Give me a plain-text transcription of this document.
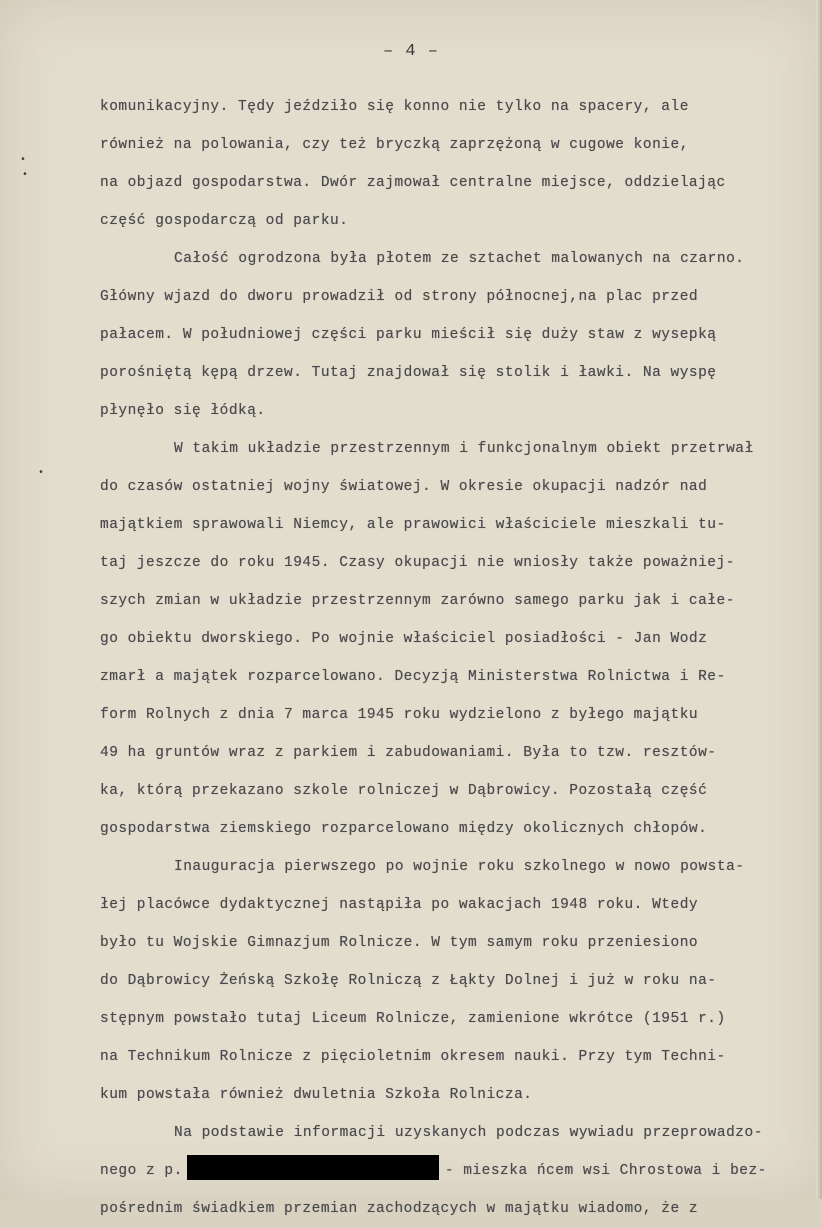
•
•
•
– 4 –
komunikacyjny. Tędy jeździło się konno nie tylko na spacery, ale
również na polowania, czy też bryczką zaprzężoną w cugowe konie,
na objazd gospodarstwa. Dwór zajmował centralne miejsce, oddzielając
część gospodarczą od parku.
Całość ogrodzona była płotem ze sztachet malowanych na czarno.
Główny wjazd do dworu prowadził od strony północnej,na plac przed
pałacem. W południowej części parku mieścił się duży staw z wysepką
porośniętą kępą drzew. Tutaj znajdował się stolik i ławki. Na wyspę
płynęło się łódką.
W takim układzie przestrzennym i funkcjonalnym obiekt przetrwał
do czasów ostatniej wojny światowej. W okresie okupacji nadzór nad
majątkiem sprawowali Niemcy, ale prawowici właściciele mieszkali tu-
taj jeszcze do roku 1945. Czasy okupacji nie wniosły także poważniej-
szych zmian w układzie przestrzennym zarówno samego parku jak i całe-
go obiektu dworskiego. Po wojnie właściciel posiadłości - Jan Wodz
zmarł a majątek rozparcelowano. Decyzją Ministerstwa Rolnictwa i Re-
form Rolnych z dnia 7 marca 1945 roku wydzielono z byłego majątku
49 ha gruntów wraz z parkiem i zabudowaniami. Była to tzw. resztów-
ka, którą przekazano szkole rolniczej w Dąbrowicy. Pozostałą część
gospodarstwa ziemskiego rozparcelowano między okolicznych chłopów.
Inauguracja pierwszego po wojnie roku szkolnego w nowo powsta-
łej placówce dydaktycznej nastąpiła po wakacjach 1948 roku. Wtedy
było tu Wojskie Gimnazjum Rolnicze. W tym samym roku przeniesiono
do Dąbrowicy Żeńską Szkołę Rolniczą z Łąkty Dolnej i już w roku na-
stępnym powstało tutaj Liceum Rolnicze, zamienione wkrótce (1951 r.)
na Technikum Rolnicze z pięcioletnim okresem nauki. Przy tym Techni-
kum powstała również dwuletnia Szkoła Rolnicza.
Na podstawie informacji uzyskanych podczas wywiadu przeprowadzo-
nego z p.	- mieszka ńcem wsi Chrostowa i bez-
pośrednim świadkiem przemian zachodzących w majątku wiadomo, że z
